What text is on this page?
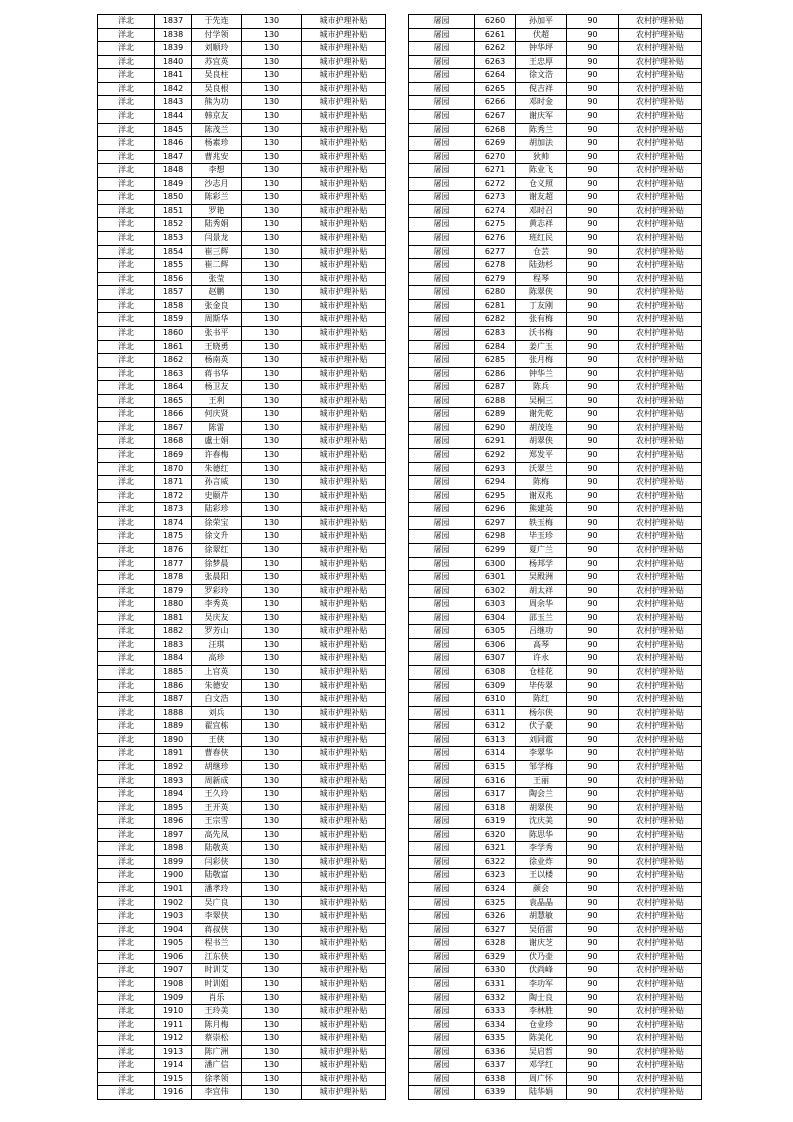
洋北	1837	于先连	130	城市护理补贴
洋北	1838	付学领	130	城市护理补贴
洋北	1839	刘顺玲	130	城市护理补贴
洋北	1840	苏宜英	130	城市护理补贴
洋北	1841	吴良柱	130	城市护理补贴
洋北	1842	吴良根	130	城市护理补贴
洋北	1843	熊为功	130	城市护理补贴
洋北	1844	韩京友	130	城市护理补贴
洋北	1845	陈茂兰	130	城市护理补贴
洋北	1846	杨素珍	130	城市护理补贴
洋北	1847	曹兆安	130	城市护理补贴
洋北	1848	李想	130	城市护理补贴
洋北	1849	沙志月	130	城市护理补贴
洋北	1850	陈彩兰	130	城市护理补贴
洋北	1851	罗艳	130	城市护理补贴
洋北	1852	陆秀娟	130	城市护理补贴
洋北	1853	闫景龙	130	城市护理补贴
洋北	1854	崔三辉	130	城市护理补贴
洋北	1855	崔二辉	130	城市护理补贴
洋北	1856	张莹	130	城市护理补贴
洋北	1857	赵鹏	130	城市护理补贴
洋北	1858	张金良	130	城市护理补贴
洋北	1859	周斯华	130	城市护理补贴
洋北	1860	张书平	130	城市护理补贴
洋北	1861	王晓勇	130	城市护理补贴
洋北	1862	杨南英	130	城市护理补贴
洋北	1863	蒋书华	130	城市护理补贴
洋北	1864	杨卫友	130	城市护理补贴
洋北	1865	王利	130	城市护理补贴
洋北	1866	何庆贤	130	城市护理补贴
洋北	1867	陈雷	130	城市护理补贴
洋北	1868	盧士娟	130	城市护理补贴
洋北	1869	许春梅	130	城市护理补贴
洋北	1870	朱德红	130	城市护理补贴
洋北	1871	孙言威	130	城市护理补贴
洋北	1872	史颐芹	130	城市护理补贴
洋北	1873	陆彩珍	130	城市护理补贴
洋北	1874	徐荣宝	130	城市护理补贴
洋北	1875	徐文升	130	城市护理补贴
洋北	1876	徐翠红	130	城市护理补贴
洋北	1877	徐梦晨	130	城市护理补贴
洋北	1878	张晨阳	130	城市护理补贴
洋北	1879	罗彩玲	130	城市护理补贴
洋北	1880	李秀英	130	城市护理补贴
洋北	1881	吴庆友	130	城市护理补贴
洋北	1882	罗芳山	130	城市护理补贴
洋北	1883	汪琪	130	城市护理补贴
洋北	1884	高珍	130	城市护理补贴
洋北	1885	上官英	130	城市护理补贴
洋北	1886	朱德安	130	城市护理补贴
洋北	1887	白文浩	130	城市护理补贴
洋北	1888	刘兵	130	城市护理补贴
洋北	1889	翟宜栋	130	城市护理补贴
洋北	1890	王侠	130	城市护理补贴
洋北	1891	曹春侠	130	城市护理补贴
洋北	1892	胡继珍	130	城市护理补贴
洋北	1893	周新成	130	城市护理补贴
洋北	1894	王久玲	130	城市护理补贴
洋北	1895	王开英	130	城市护理补贴
洋北	1896	王宗雪	130	城市护理补贴
洋北	1897	高先凤	130	城市护理补贴
洋北	1898	陆敬英	130	城市护理补贴
洋北	1899	闫彩侠	130	城市护理补贴
洋北	1900	陆敬富	130	城市护理补贴
洋北	1901	潘孝玲	130	城市护理补贴
洋北	1902	吴广良	130	城市护理补贴
洋北	1903	李翠侠	130	城市护理补贴
洋北	1904	蒋叔侠	130	城市护理补贴
洋北	1905	程书兰	130	城市护理补贴
洋北	1906	江东侠	130	城市护理补贴
洋北	1907	时训艾	130	城市护理补贴
洋北	1908	时训姐	130	城市护理补贴
洋北	1909	肖乐	130	城市护理补贴
洋北	1910	王玲美	130	城市护理补贴
洋北	1911	陈月梅	130	城市护理补贴
洋北	1912	蔡崇松	130	城市护理补贴
洋北	1913	陈广洲	130	城市护理补贴
洋北	1914	潘广信	130	城市护理补贴
洋北	1915	徐孝领	130	城市护理补贴
洋北	1916	李宜伟	130	城市护理补贴
屠园	6260	孙加平	90	农村护理补贴
屠园	6261	伏超	90	农村护理补贴
屠园	6262	钟华坪	90	农村护理补贴
屠园	6263	王忠厚	90	农村护理补贴
屠园	6264	徐文浩	90	农村护理补贴
屠园	6265	倪吉祥	90	农村护理补贴
屠园	6266	邓时金	90	农村护理补贴
屠园	6267	谢庆军	90	农村护理补贴
屠园	6268	陈秀兰	90	农村护理补贴
屠园	6269	胡加法	90	农村护理补贴
屠园	6270	狄帅	90	农村护理补贴
屠园	6271	陈业飞	90	农村护理补贴
屠园	6272	仓义照	90	农村护理补贴
屠园	6273	谢友超	90	农村护理补贴
屠园	6274	邓时召	90	农村护理补贴
屠园	6275	黄志祥	90	农村护理补贴
屠园	6276	班红民	90	农村护理补贴
屠园	6277	仓芸	90	农村护理补贴
屠园	6278	陆劲杉	90	农村护理补贴
屠园	6279	程琴	90	农村护理补贴
屠园	6280	陈翠侠	90	农村护理补贴
屠园	6281	丁友刚	90	农村护理补贴
屠园	6282	张有梅	90	农村护理补贴
屠园	6283	沃书梅	90	农村护理补贴
屠园	6284	姜广玉	90	农村护理补贴
屠园	6285	张月梅	90	农村护理补贴
屠园	6286	钟华兰	90	农村护理补贴
屠园	6287	陈兵	90	农村护理补贴
屠园	6288	吴桐三	90	农村护理补贴
屠园	6289	谢先乾	90	农村护理补贴
屠园	6290	胡茂连	90	农村护理补贴
屠园	6291	胡翠侠	90	农村护理补贴
屠园	6292	郑发平	90	农村护理补贴
屠园	6293	沃翠兰	90	农村护理补贴
屠园	6294	陈梅	90	农村护理补贴
屠园	6295	谢双兆	90	农村护理补贴
屠园	6296	熊建英	90	农村护理补贴
屠园	6297	轶玉梅	90	农村护理补贴
屠园	6298	毕玉珍	90	农村护理补贴
屠园	6299	夏广兰	90	农村护理补贴
屠园	6300	杨邦学	90	农村护理补贴
屠园	6301	吴殿洲	90	农村护理补贴
屠园	6302	胡太祥	90	农村护理补贴
屠园	6303	周余华	90	农村护理补贴
屠园	6304	邵玉兰	90	农村护理补贴
屠园	6305	吕继功	90	农村护理补贴
屠园	6306	高琴	90	农村护理补贴
屠园	6307	许永	90	农村护理补贴
屠园	6308	仓桂花	90	农村护理补贴
屠园	6309	毕传翠	90	农村护理补贴
屠园	6310	陈红	90	农村护理补贴
屠园	6311	杨尔侠	90	农村护理补贴
屠园	6312	伏子豪	90	农村护理补贴
屠园	6313	刘同霞	90	农村护理补贴
屠园	6314	李翠华	90	农村护理补贴
屠园	6315	邹学梅	90	农村护理补贴
屠园	6316	王丽	90	农村护理补贴
屠园	6317	陶会兰	90	农村护理补贴
屠园	6318	胡翠侠	90	农村护理补贴
屠园	6319	沈庆美	90	农村护理补贴
屠园	6320	陈思华	90	农村护理补贴
屠园	6321	李学秀	90	农村护理补贴
屠园	6322	徐业炸	90	农村护理补贴
屠园	6323	王以楼	90	农村护理补贴
屠园	6324	颜会	90	农村护理补贴
屠园	6325	袁晶晶	90	农村护理补贴
屠园	6326	胡慧敏	90	农村护理补贴
屠园	6327	吴佰雷	90	农村护理补贴
屠园	6328	谢庆芝	90	农村护理补贴
屠园	6329	伏乃壶	90	农村护理补贴
屠园	6330	伏尚峰	90	农村护理补贴
屠园	6331	李功军	90	农村护理补贴
屠园	6332	陶士良	90	农村护理补贴
屠园	6333	李林胜	90	农村护理补贴
屠园	6334	仓业珍	90	农村护理补贴
屠园	6335	陈美化	90	农村护理补贴
屠园	6336	吴启哲	90	农村护理补贴
屠园	6337	邓学红	90	农村护理补贴
屠园	6338	周广怀	90	农村护理补贴
屠园	6339	陆华娟	90	农村护理补贴
